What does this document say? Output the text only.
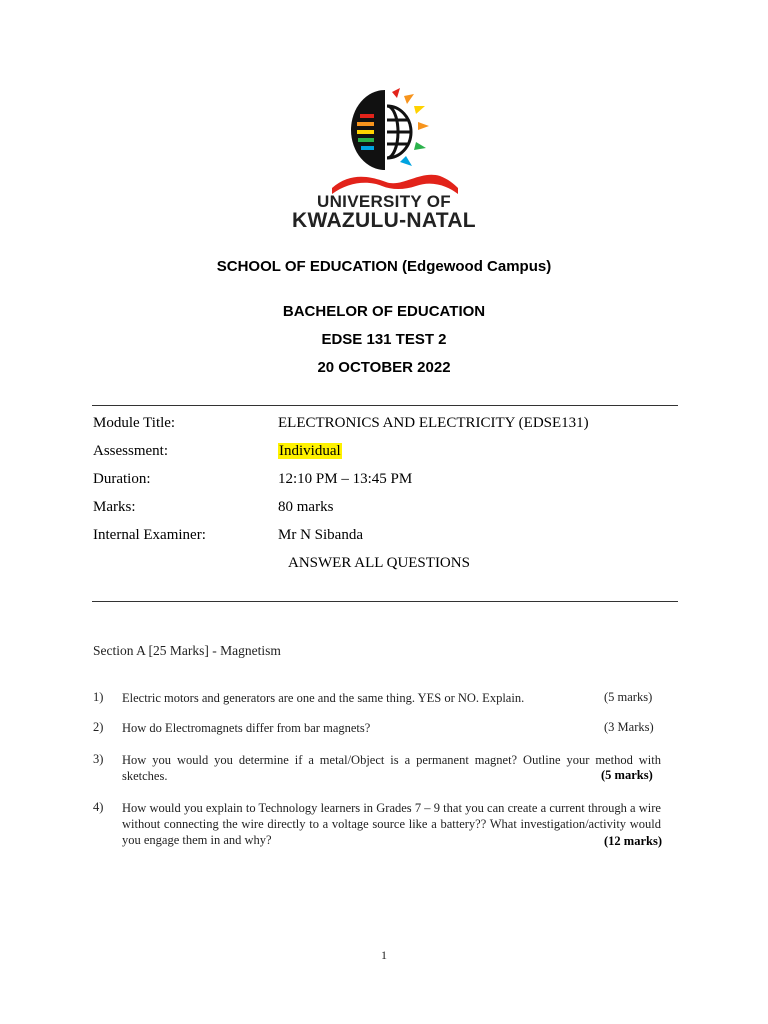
UNIVERSITY OF
KWAZULU-NATAL
SCHOOL OF EDUCATION (Edgewood Campus)
BACHELOR OF EDUCATION
EDSE 131 TEST 2
20 OCTOBER 2022
Module Title:	ELECTRONICS AND ELECTRICITY (EDSE131)
Assessment:	Individual
Duration:	12:10 PM – 13:45 PM
Marks:	80 marks
Internal Examiner:	Mr N Sibanda
ANSWER ALL QUESTIONS
Section A [25 Marks] - Magnetism
1) Electric motors and generators are one and the same thing. YES or NO. Explain.	(5 marks)
2) How do Electromagnets differ from bar magnets?	(3 Marks)
3) How you would you determine if a metal/Object is a permanent magnet? Outline your method with sketches.	(5 marks)
4) How would you explain to Technology learners in Grades 7 – 9 that you can create a current through a wire without connecting the wire directly to a voltage source like a battery?? What investigation/activity would you engage them in and why?	(12 marks)
1
